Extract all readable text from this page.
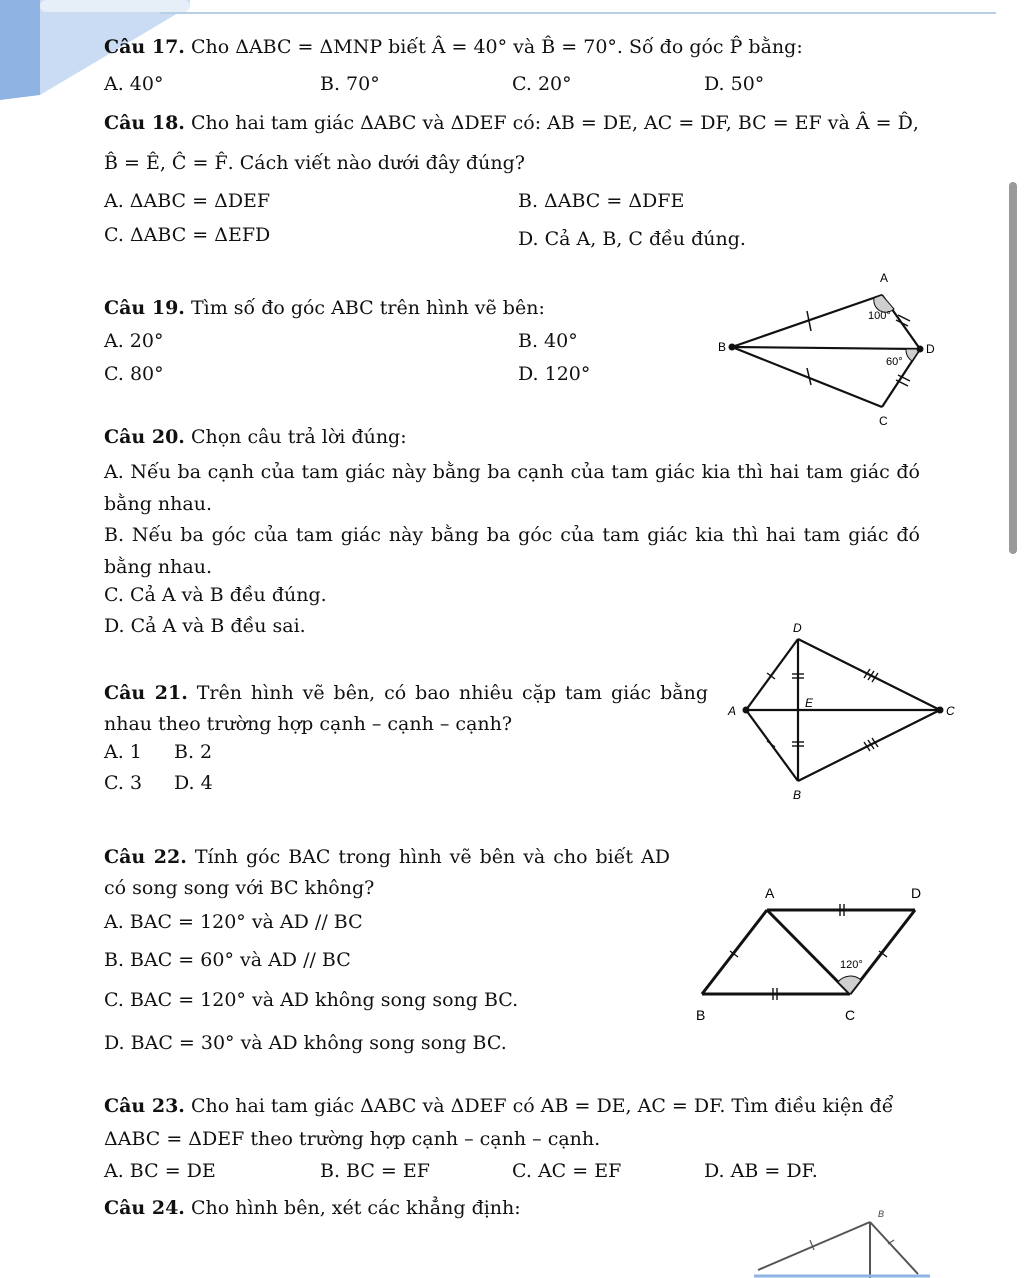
Câu 17. Cho ΔABC = ΔMNP biết Â = 40° và B̂ = 70°. Số đo góc P̂ bằng:
A. 40°	B. 70°	C. 20°	D. 50°
Câu 18. Cho hai tam giác ΔABC và ΔDEF có: AB = DE, AC = DF, BC = EF và Â = D̂,
B̂ = Ê, Ĉ = F̂. Cách viết nào dưới đây đúng?
A. ΔABC = ΔDEF	B. ΔABC = ΔDFE
C. ΔABC = ΔEFD	D. Cả A, B, C đều đúng.
Câu 19. Tìm số đo góc ABC trên hình vẽ bên:
A. 20°	B. 40°
C. 80°	D. 120°
A
B
C
D
100°
60°
Câu 20. Chọn câu trả lời đúng:
A. Nếu ba cạnh của tam giác này bằng ba cạnh của tam giác kia thì hai tam giác đó bằng nhau.
B. Nếu ba góc của tam giác này bằng ba góc của tam giác kia thì hai tam giác đó bằng nhau.
C. Cả A và B đều đúng.
D. Cả A và B đều sai.
Câu 21. Trên hình vẽ bên, có bao nhiêu cặp tam giác bằng nhau theo trường hợp cạnh – cạnh – cạnh?
A. 1 B. 2
C. 3 D. 4
D
A
E
C
B
Câu 22. Tính góc BAC trong hình vẽ bên và cho biết AD có song song với BC không?
A. BAC = 120° và AD // BC
B. BAC = 60° và AD // BC
C. BAC = 120° và AD không song song BC.
D. BAC = 30° và AD không song song BC.
A	D
B	C
120°
Câu 23. Cho hai tam giác ΔABC và ΔDEF có AB = DE, AC = DF. Tìm điều kiện để
ΔABC = ΔDEF theo trường hợp cạnh – cạnh – cạnh.
A. BC = DE	B. BC = EF	C. AC = EF	D. AB = DF.
Câu 24. Cho hình bên, xét các khẳng định:	B
